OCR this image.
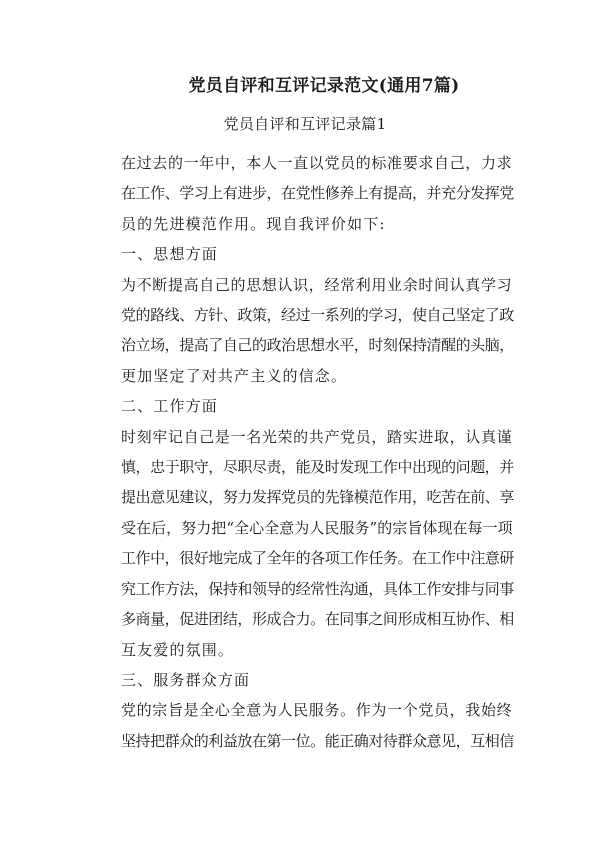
党员自评和互评记录范文(通用7篇)
党员自评和互评记录篇1

在过去的一年中，本人一直以党员的标准要求自己，力求
在工作、学习上有进步，在党性修养上有提高，并充分发挥党
员的先进模范作用。现自我评价如下:

一、思想方面

为不断提高自己的思想认识，经常利用业余时间认真学习
党的路线、方针、政策，经过一系列的学习，使自己坚定了政
治立场，提高了自己的政治思想水平，时刻保持清醒的头脑，
更加坚定了对共产主义的信念。

二、工作方面

时刻牢记自己是一名光荣的共产党员，踏实进取，认真谨
慎，忠于职守，尽职尽责，能及时发现工作中出现的问题，并
提出意见建议，努力发挥党员的先锋模范作用，吃苦在前、享
受在后，努力把“全心全意为人民服务”的宗旨体现在每一项
工作中，很好地完成了全年的各项工作任务。在工作中注意研
究工作方法，保持和领导的经常性沟通，具体工作安排与同事
多商量，促进团结，形成合力。在同事之间形成相互协作、相
互友爱的氛围。

三、服务群众方面

党的宗旨是全心全意为人民服务。作为一个党员，我始终
坚持把群众的利益放在第一位。能正确对待群众意见，互相信
